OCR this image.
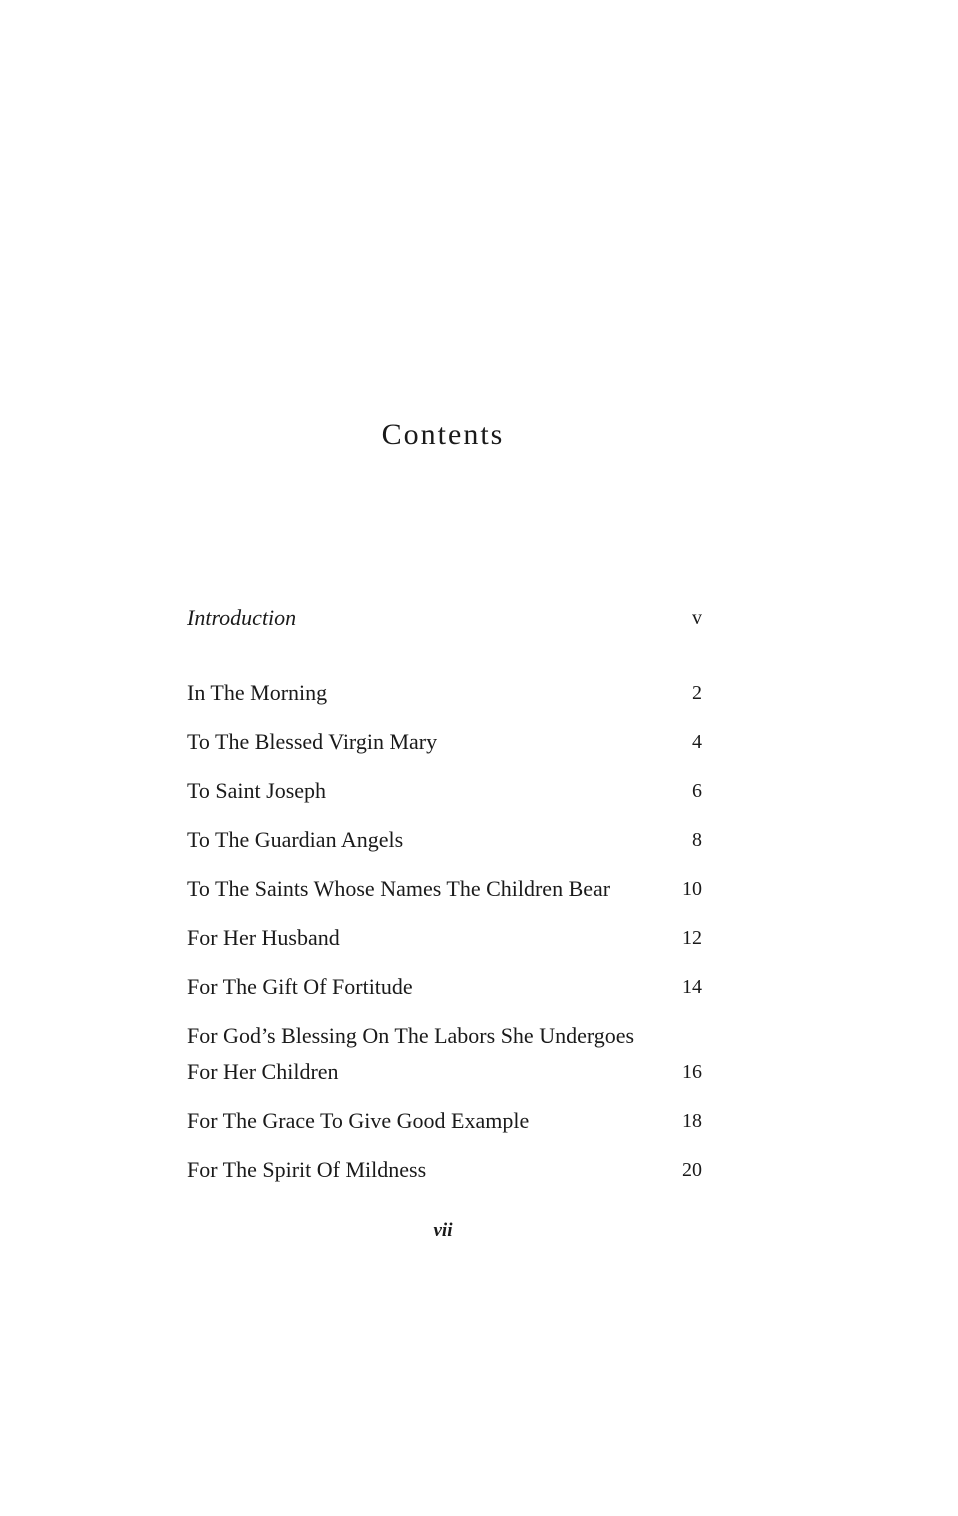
Contents
Introduction	v
In The Morning	2
To The Blessed Virgin Mary	4
To Saint Joseph	6
To The Guardian Angels	8
To The Saints Whose Names The Children Bear	10
For Her Husband	12
For The Gift Of Fortitude	14
For God’s Blessing On The Labors She Undergoes For Her Children	16
For The Grace To Give Good Example	18
For The Spirit Of Mildness	20
vii
